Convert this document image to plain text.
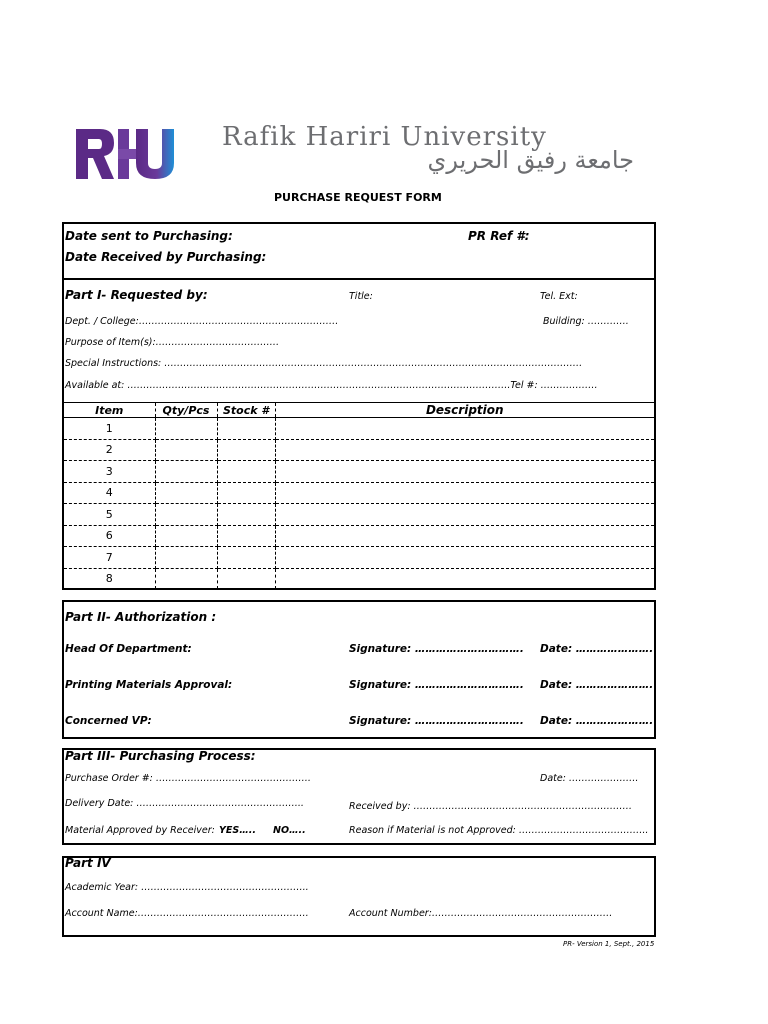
Rafik Hariri University
جامعة رفيق الحريري
PURCHASE REQUEST FORM
Date sent to Purchasing:	PR Ref #:
Date Received by Purchasing:
Part I- Requested by:	Title:	Tel. Ext:
Dept. / College:………………………………………………………	Building: ………….
Purpose of Item(s):…………………………………
Special Instructions: ……………………………………………………………………………………………………………………
Available at: ………………………………………………………………………………………………………….Tel #: ………………
Item	Qty/Pcs	Stock #	Description
1			
2			
3			
4			
5			
6			
7			
8			
Part II- Authorization :
Head Of Department:	Signature: …………………………. Date: ………………….
Printing Materials Approval:	Signature: …………………………. Date: ………………….
Concerned VP:	Signature: …………………………. Date: ………………….
Part III- Purchasing Process:
Purchase Order #: ………………………………………….	Date: ………………….
Delivery Date: ……………………………………………..	Received by: ……………………………………………………………
Material Approved by Receiver: YES….. NO…..	Reason if Material is not Approved: …………………………………..
Part IV
Academic Year: ……………………………………………..
Account Name:………………………………………………	Account Number:…………………………………………………
PR- Version 1, Sept., 2015
